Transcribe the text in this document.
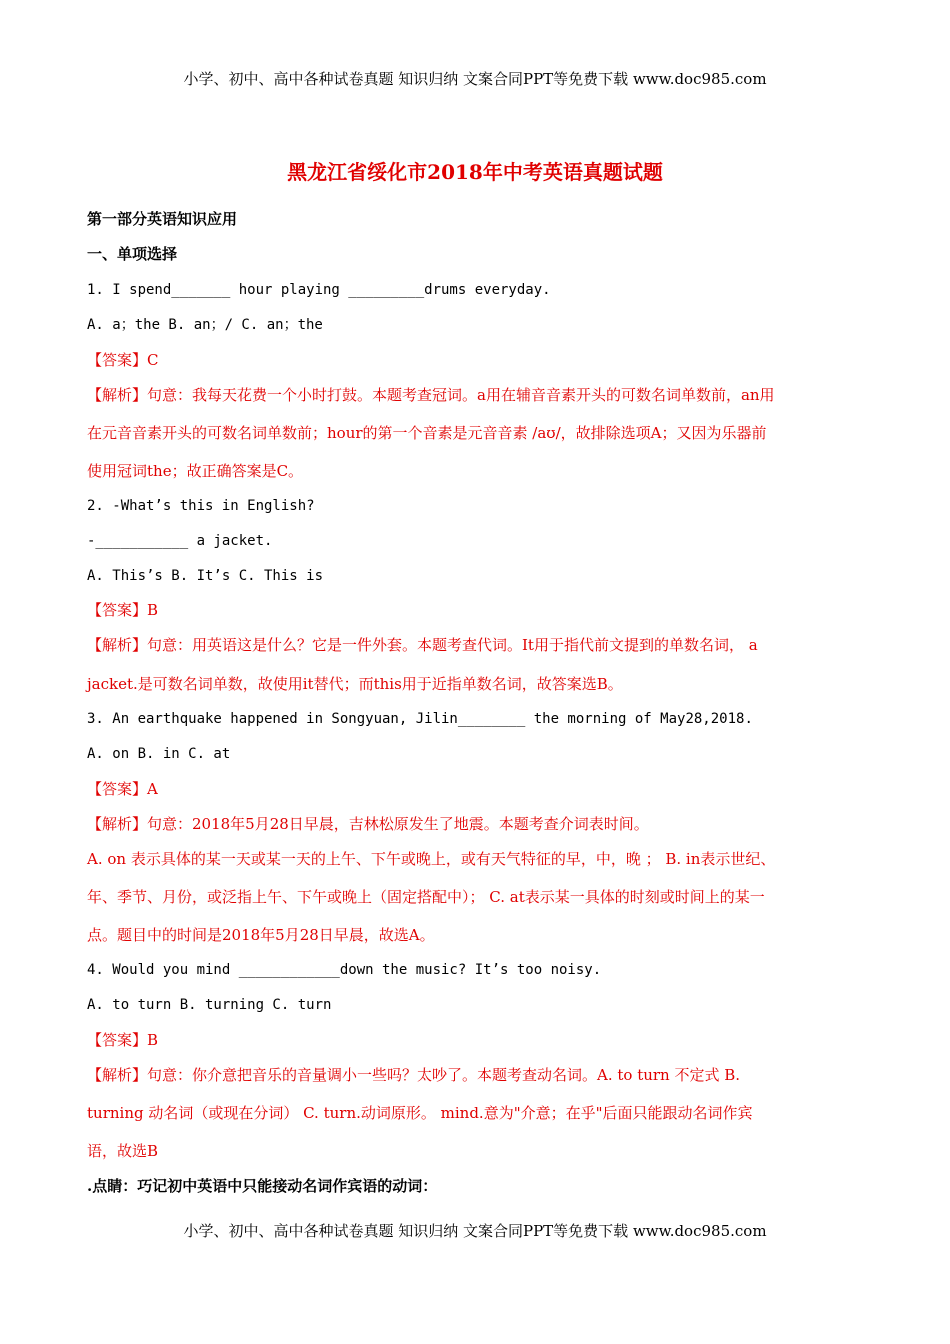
小学、初中、高中各种试卷真题 知识归纳 文案合同PPT等免费下载 www.doc985.com
黑龙江省绥化市2018年中考英语真题试题
第一部分英语知识应用
一、单项选择
1. I spend_______ hour playing _________drums everyday.
A. a；the B. an；/ C. an；the
【答案】C
【解析】句意：我每天花费一个小时打鼓。本题考查冠词。a用在辅音音素开头的可数名词单数前，an用
在元音音素开头的可数名词单数前；hour的第一个音素是元音音素 /aʊ/，故排除选项A；又因为乐器前
使用冠词the；故正确答案是C。
2. -What’s this in English?
-___________ a jacket.
A. This’s B. It’s C. This is
【答案】B
【解析】句意：用英语这是什么？它是一件外套。本题考查代词。It用于指代前文提到的单数名词， a
jacket.是可数名词单数，故使用it替代；而this用于近指单数名词，故答案选B。
3. An earthquake happened in Songyuan, Jilin________ the morning of May28,2018.
A. on B. in C. at
【答案】A
【解析】句意：2018年5月28日早晨，吉林松原发生了地震。本题考查介词表时间。
A. on 表示具体的某一天或某一天的上午、下午或晚上，或有天气特征的早，中，晚 ； B. in表示世纪、
年、季节、月份，或泛指上午、下午或晚上（固定搭配中）； C. at表示某一具体的时刻或时间上的某一
点。题目中的时间是2018年5月28日早晨，故选A。
4. Would you mind ____________down the music? It’s too noisy.
A. to turn B. turning C. turn
【答案】B
【解析】句意：你介意把音乐的音量调小一些吗？太吵了。本题考查动名词。A. to turn 不定式 B.
turning 动名词（或现在分词） C. turn.动词原形。 mind.意为"介意；在乎"后面只能跟动名词作宾
语，故选B
.点睛：巧记初中英语中只能接动名词作宾语的动词：
小学、初中、高中各种试卷真题 知识归纳 文案合同PPT等免费下载 www.doc985.com
